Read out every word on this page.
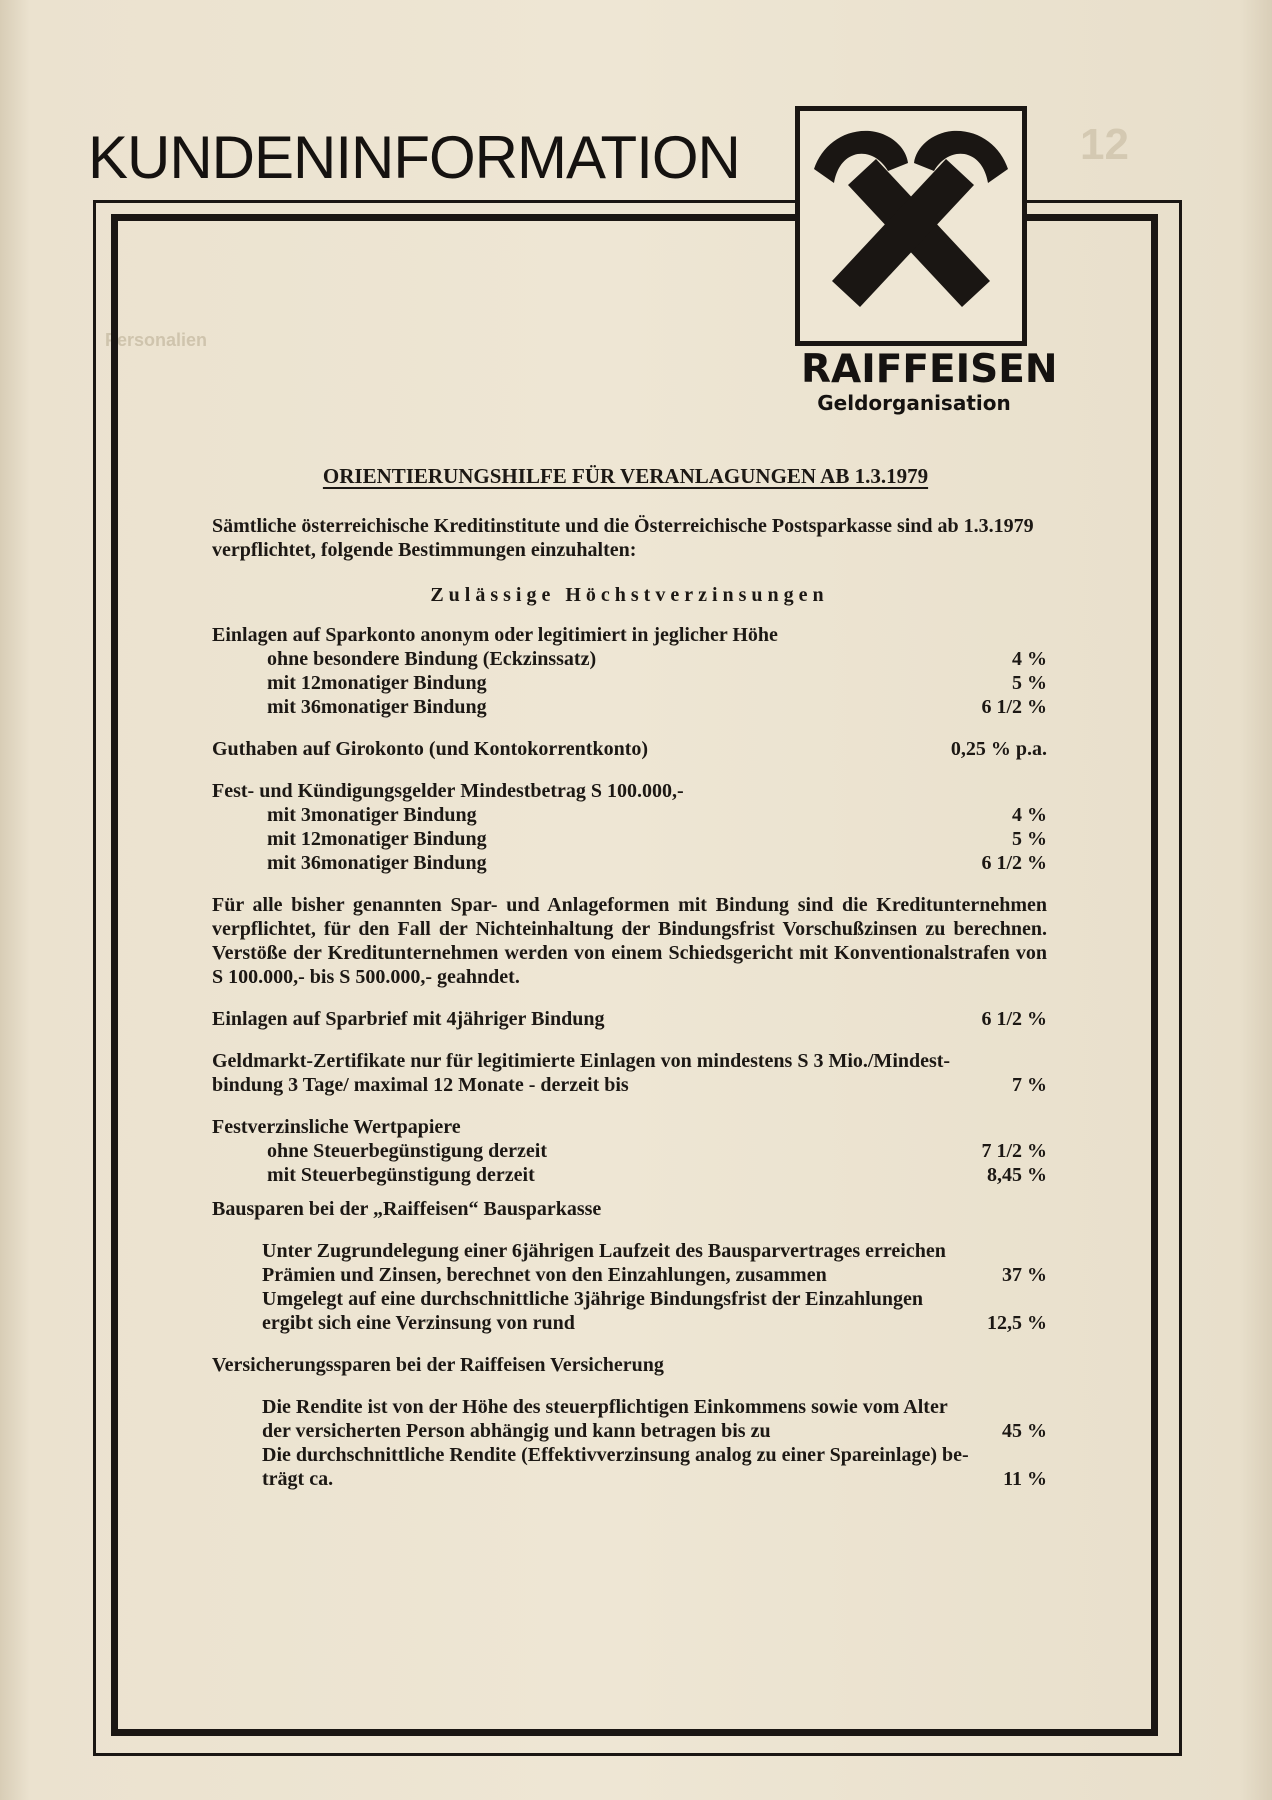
12
Personalien
KUNDENINFORMATION
RAIFFEISEN
Geldorganisation
ORIENTIERUNGSHILFE FÜR VERANLAGUNGEN AB 1.3.1979
Sämtliche österreichische Kreditinstitute und die Österreichische Postsparkasse sind ab 1.3.1979 verpflichtet, folgende Bestimmungen einzuhalten:
Zulässige Höchstverzinsungen
Einlagen auf Sparkonto anonym oder legitimiert in jeglicher Höhe
ohne besondere Bindung (Eckzinssatz)	4 %
mit 12monatiger Bindung	5 %
mit 36monatiger Bindung	6 1/2 %
Guthaben auf Girokonto (und Kontokorrentkonto)	0,25 % p.a.
Fest- und Kündigungsgelder Mindestbetrag S 100.000,-
mit 3monatiger Bindung	4 %
mit 12monatiger Bindung	5 %
mit 36monatiger Bindung	6 1/2 %
Für alle bisher genannten Spar- und Anlageformen mit Bindung sind die Kreditunternehmen verpflichtet, für den Fall der Nichteinhaltung der Bindungsfrist Vorschußzinsen zu berechnen. Verstöße der Kreditunternehmen werden von einem Schiedsgericht mit Konventionalstrafen von S 100.000,- bis S 500.000,- geahndet.
Einlagen auf Sparbrief mit 4jähriger Bindung	6 1/2 %
Geldmarkt-Zertifikate nur für legitimierte Einlagen von mindestens S 3 Mio./Mindest-
bindung 3 Tage/ maximal 12 Monate - derzeit bis	7 %
Festverzinsliche Wertpapiere
ohne Steuerbegünstigung derzeit	7 1/2 %
mit Steuerbegünstigung derzeit	8,45 %
Bausparen bei der „Raiffeisen“ Bausparkasse
Unter Zugrundelegung einer 6jährigen Laufzeit des Bausparvertrages erreichen
Prämien und Zinsen, berechnet von den Einzahlungen, zusammen	37 %
Umgelegt auf eine durchschnittliche 3jährige Bindungsfrist der Einzahlungen
ergibt sich eine Verzinsung von rund	12,5 %
Versicherungssparen bei der Raiffeisen Versicherung
Die Rendite ist von der Höhe des steuerpflichtigen Einkommens sowie vom Alter
der versicherten Person abhängig und kann betragen bis zu	45 %
Die durchschnittliche Rendite (Effektivverzinsung analog zu einer Spareinlage) be-
trägt ca.	11 %
